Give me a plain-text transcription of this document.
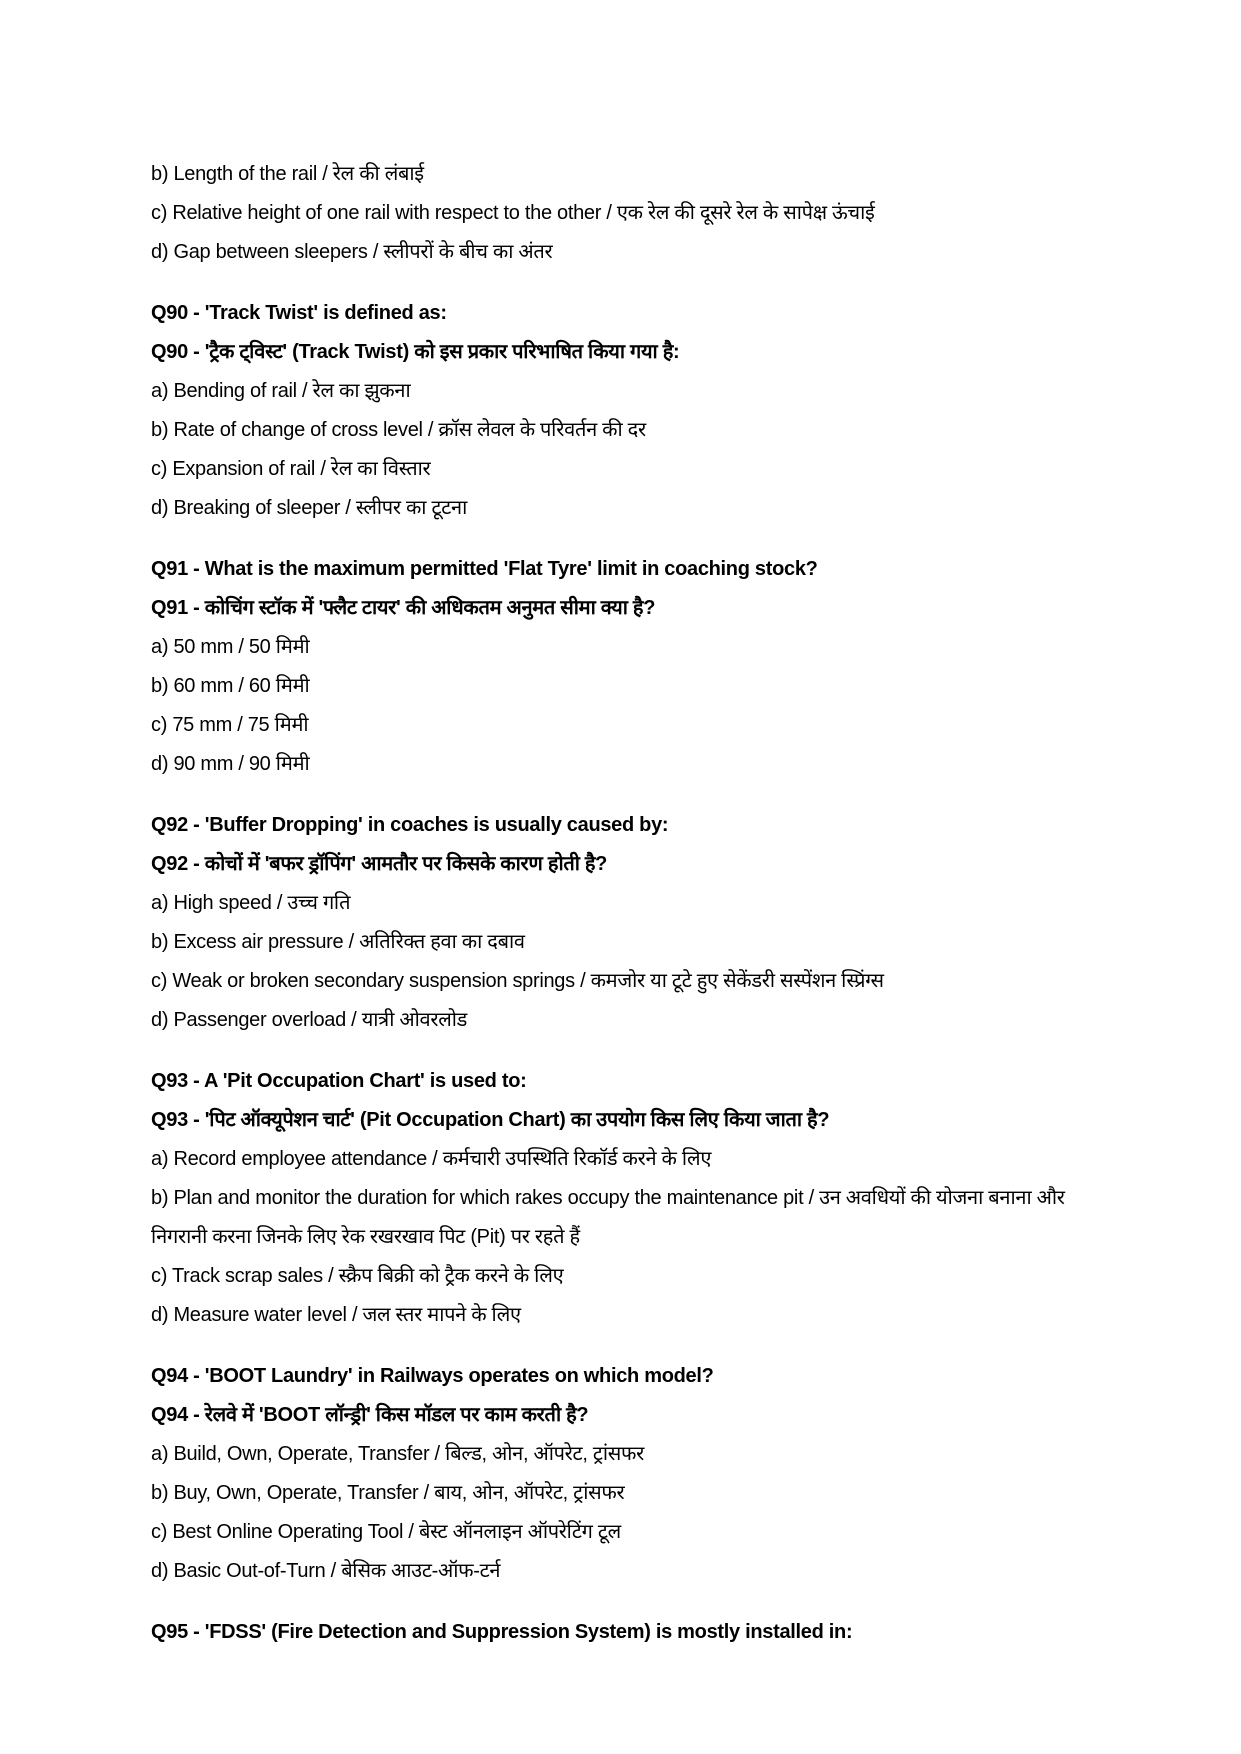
b) Length of the rail / रेल की लंबाई
c) Relative height of one rail with respect to the other / एक रेल की दूसरे रेल के सापेक्ष ऊंचाई
d) Gap between sleepers / स्लीपरों के बीच का अंतर
Q90 - 'Track Twist' is defined as:
Q90 - 'ट्रैक ट्विस्ट' (Track Twist) को इस प्रकार परिभाषित किया गया है:
a) Bending of rail / रेल का झुकना
b) Rate of change of cross level / क्रॉस लेवल के परिवर्तन की दर
c) Expansion of rail / रेल का विस्तार
d) Breaking of sleeper / स्लीपर का टूटना
Q91 - What is the maximum permitted 'Flat Tyre' limit in coaching stock?
Q91 - कोचिंग स्टॉक में 'फ्लैट टायर' की अधिकतम अनुमत सीमा क्या है?
a) 50 mm / 50 मिमी
b) 60 mm / 60 मिमी
c) 75 mm / 75 मिमी
d) 90 mm / 90 मिमी
Q92 - 'Buffer Dropping' in coaches is usually caused by:
Q92 - कोचों में 'बफर ड्रॉपिंग' आमतौर पर किसके कारण होती है?
a) High speed / उच्च गति
b) Excess air pressure / अतिरिक्त हवा का दबाव
c) Weak or broken secondary suspension springs / कमजोर या टूटे हुए सेकेंडरी सस्पेंशन स्प्रिंग्स
d) Passenger overload / यात्री ओवरलोड
Q93 - A 'Pit Occupation Chart' is used to:
Q93 - 'पिट ऑक्यूपेशन चार्ट' (Pit Occupation Chart) का उपयोग किस लिए किया जाता है?
a) Record employee attendance / कर्मचारी उपस्थिति रिकॉर्ड करने के लिए
b) Plan and monitor the duration for which rakes occupy the maintenance pit / उन अवधियों की योजना बनाना और निगरानी करना जिनके लिए रेक रखरखाव पिट (Pit) पर रहते हैं
c) Track scrap sales / स्क्रैप बिक्री को ट्रैक करने के लिए
d) Measure water level / जल स्तर मापने के लिए
Q94 - 'BOOT Laundry' in Railways operates on which model?
Q94 - रेलवे में 'BOOT लॉन्ड्री' किस मॉडल पर काम करती है?
a) Build, Own, Operate, Transfer / बिल्ड, ओन, ऑपरेट, ट्रांसफर
b) Buy, Own, Operate, Transfer / बाय, ओन, ऑपरेट, ट्रांसफर
c) Best Online Operating Tool / बेस्ट ऑनलाइन ऑपरेटिंग टूल
d) Basic Out-of-Turn / बेसिक आउट-ऑफ-टर्न
Q95 - 'FDSS' (Fire Detection and Suppression System) is mostly installed in:
